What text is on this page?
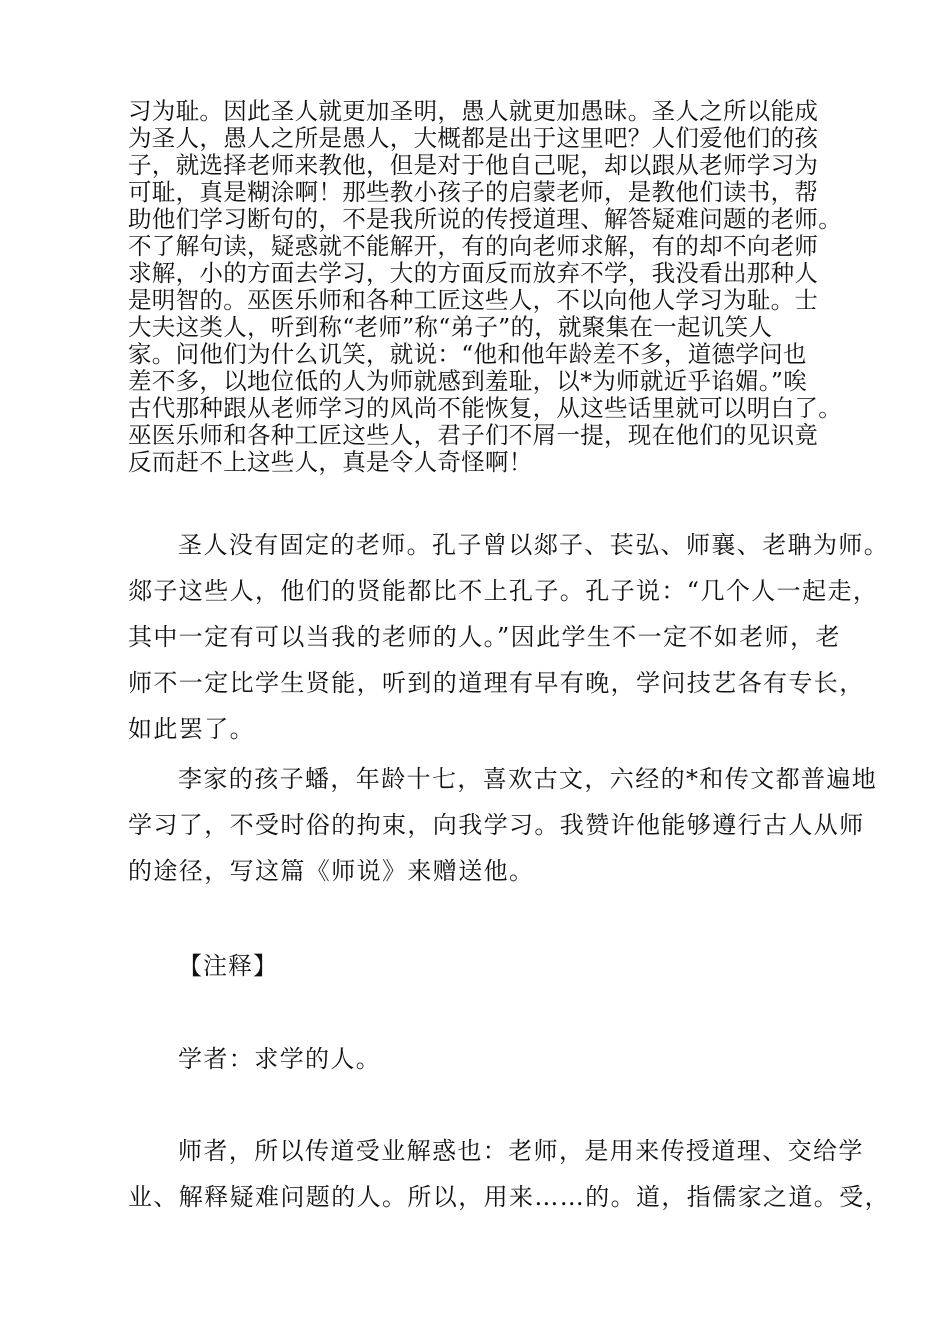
习为耻。因此圣人就更加圣明，愚人就更加愚昧。圣人之所以能成
为圣人，愚人之所是愚人，大概都是出于这里吧？人们爱他们的孩
子，就选择老师来教他，但是对于他自己呢，却以跟从老师学习为
可耻，真是糊涂啊！那些教小孩子的启蒙老师，是教他们读书，帮
助他们学习断句的，不是我所说的传授道理、解答疑难问题的老师。
不了解句读，疑惑就不能解开，有的向老师求解，有的却不向老师
求解，小的方面去学习，大的方面反而放弃不学，我没看出那种人
是明智的。巫医乐师和各种工匠这些人，不以向他人学习为耻。士
大夫这类人，听到称“老师”称“弟子”的，就聚集在一起讥笑人
家。问他们为什么讥笑，就说：“他和他年龄差不多，道德学问也
差不多，以地位低的人为师就感到羞耻，以*为师就近乎谄媚。”唉
古代那种跟从老师学习的风尚不能恢复，从这些话里就可以明白了。
巫医乐师和各种工匠这些人，君子们不屑一提，现在他们的见识竟
反而赶不上这些人，真是令人奇怪啊！
圣人没有固定的老师。孔子曾以郯子、苌弘、师襄、老聃为师。
郯子这些人，他们的贤能都比不上孔子。孔子说：“几个人一起走，
其中一定有可以当我的老师的人。”因此学生不一定不如老师，老
师不一定比学生贤能，听到的道理有早有晚，学问技艺各有专长，
如此罢了。
李家的孩子蟠，年龄十七，喜欢古文，六经的*和传文都普遍地
学习了，不受时俗的拘束，向我学习。我赞许他能够遵行古人从师
的途径，写这篇《师说》来赠送他。
【注释】
学者：求学的人。
师者，所以传道受业解惑也：老师，是用来传授道理、交给学
业、解释疑难问题的人。所以，用来……的。道，指儒家之道。受，
